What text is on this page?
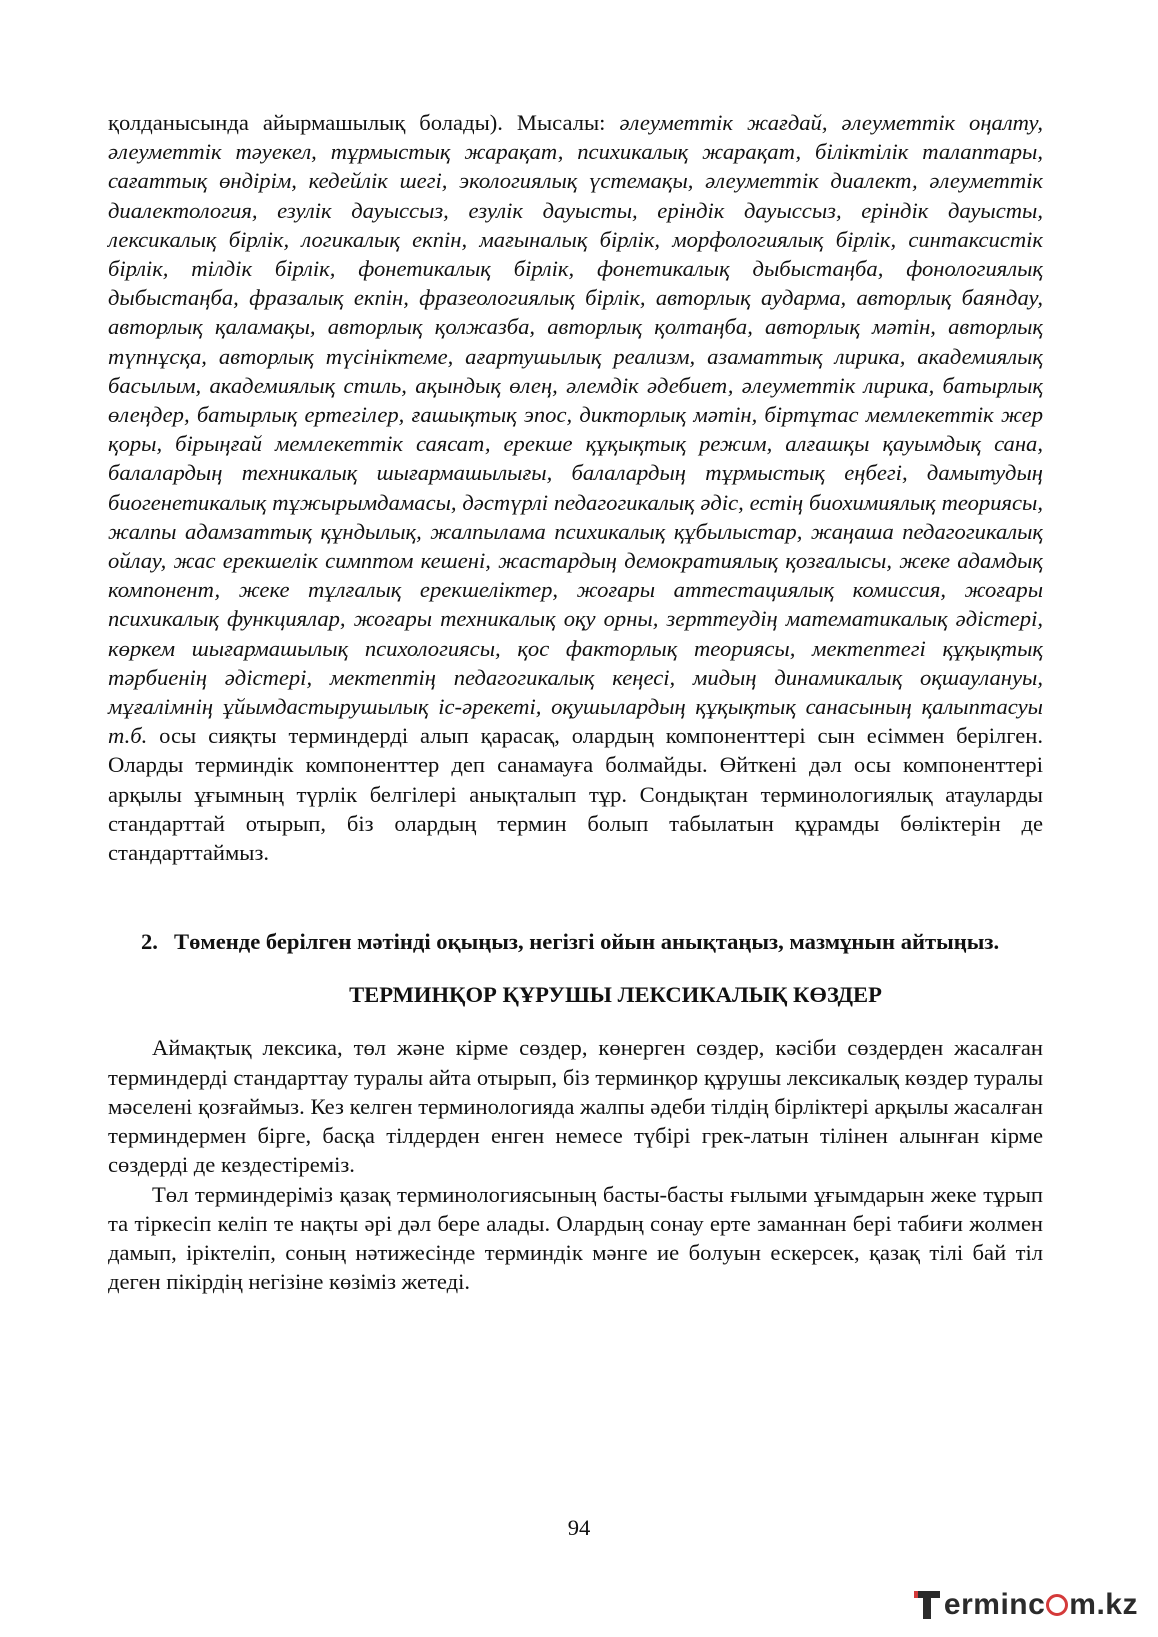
қолданысында айырмашылық болады). Мысалы: әлеуметтік жағдай, әлеуметтік оңалту, әлеуметтік тәуекел, тұрмыстық жарақат, психикалық жарақат, біліктілік талаптары, сағаттық өндірім, кедейлік шегі, экологиялық үстемақы, әлеуметтік диалект, әлеуметтік диалектология, езулік дауыссыз, езулік дауысты, еріндік дауыссыз, еріндік дауысты, лексикалық бірлік, логикалық екпін, мағыналық бірлік, морфологиялық бірлік, синтаксистік бірлік, тілдік бірлік, фонетикалық бірлік, фонетикалық дыбыстаңба, фонологиялық дыбыстаңба, фразалық екпін, фразеологиялық бірлік, авторлық аударма, авторлық баяндау, авторлық қаламақы, авторлық қолжазба, авторлық қолтаңба, авторлық мәтін, авторлық түпнұсқа, авторлық түсініктеме, ағартушылық реализм, азаматтық лирика, академиялық басылым, академиялық стиль, ақындық өлең, әлемдік әдебиет, әлеуметтік лирика, батырлық өлеңдер, батырлық ертегілер, ғашықтық эпос, дикторлық мәтін, біртұтас мемлекеттік жер қоры, бірыңғай мемлекеттік саясат, ерекше құқықтық режим, алғашқы қауымдық сана, балалардың техникалық шығармашылығы, балалардың тұрмыстық еңбегі, дамытудың биогенетикалық тұжырымдамасы, дәстүрлі педагогикалық әдіс, естің биохимиялық теориясы, жалпы адамзаттық құндылық, жалпылама психикалық құбылыстар, жаңаша педагогикалық ойлау, жас ерекшелік симптом кешені, жастардың демократиялық қозғалысы, жеке адамдық компонент, жеке тұлғалық ерекшеліктер, жоғары аттестациялық комиссия, жоғары психикалық функциялар, жоғары техникалық оқу орны, зерттеудің математикалық әдістері, көркем шығармашылық психологиясы, қос факторлық теориясы, мектептегі құқықтық тәрбиенің әдістері, мектептің педагогикалық кеңесі, мидың динамикалық оқшаулануы, мұғалімнің ұйымдастырушылық іс-әрекеті, оқушылардың құқықтық санасының қалыптасуы т.б. осы сияқты терминдерді алып қарасақ, олардың компоненттері сын есіммен берілген. Оларды терминдік компоненттер деп санамауға болмайды. Өйткені дәл осы компоненттері арқылы ұғымның түрлік белгілері анықталып тұр. Сондықтан терминологиялық атауларды стандарттай отырып, біз олардың термин болып табылатын құрамды бөліктерін де стандарттаймыз.

2. Төменде берілген мәтінді оқыңыз, негізгі ойын анықтаңыз, мазмұнын айтыңыз.
ТЕРМИНҚОР ҚҰРУШЫ ЛЕКСИКАЛЫҚ КӨЗДЕР

Аймақтық лексика, төл және кірме сөздер, көнерген сөздер, кәсіби сөздерден жасалған терминдерді стандарттау туралы айта отырып, біз терминқор құрушы лексикалық көздер туралы мәселені қозғаймыз. Кез келген терминологияда жалпы әдеби тілдің бірліктері арқылы жасалған терминдермен бірге, басқа тілдерден енген немесе түбірі грек-латын тілінен алынған кірме сөздерді де кездестіреміз.

Төл терминдеріміз қазақ терминологиясының басты-басты ғылыми ұғымдарын жеке тұрып та тіркесіп келіп те нақты әрі дәл бере алады. Олардың сонау ерте заманнан бері табиғи жолмен дамып, іріктеліп, соның нәтижесінде терминдік мәнге ие болуын ескерсек, қазақ тілі бай тіл деген пікірдің негізіне көзіміз жетеді.

94
ermin c m.kz
